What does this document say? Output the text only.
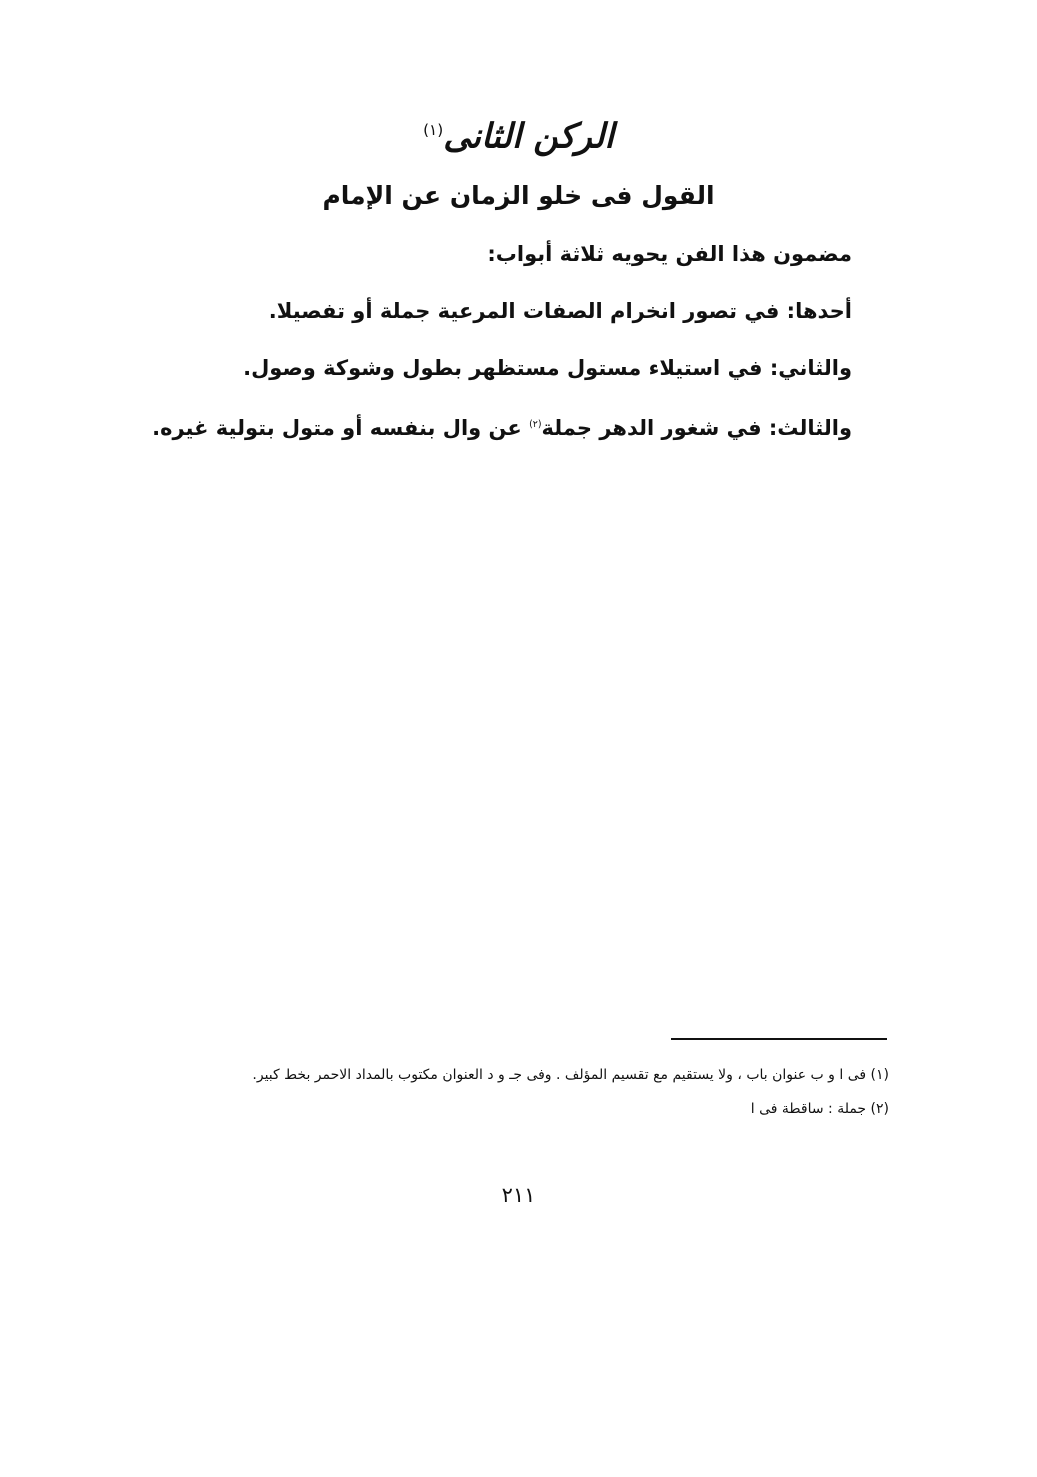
الركن الثانى$^{(١)}$
القول فى خلو الزمان عن الإمام
مضمون هذا الفن يحويه ثلاثة أبواب:
أحدها: في تصور انخرام الصفات المرعية جملة أو تفصيلا.
والثاني: في استيلاء مستول مستظهر بطول وشوكة وصول.
والثالث: في شغور الدهر جملة$^{(٢)}$ عن وال بنفسه أو متول بتولية غيره.

(١) فى ا و ب عنوان باب ، ولا يستقيم مع تقسيم المؤلف . وفى جـ و د العنوان مكتوب بالمداد الاحمر بخط كبير.

(٢) جملة : ساقطة فى ا

٢١١
